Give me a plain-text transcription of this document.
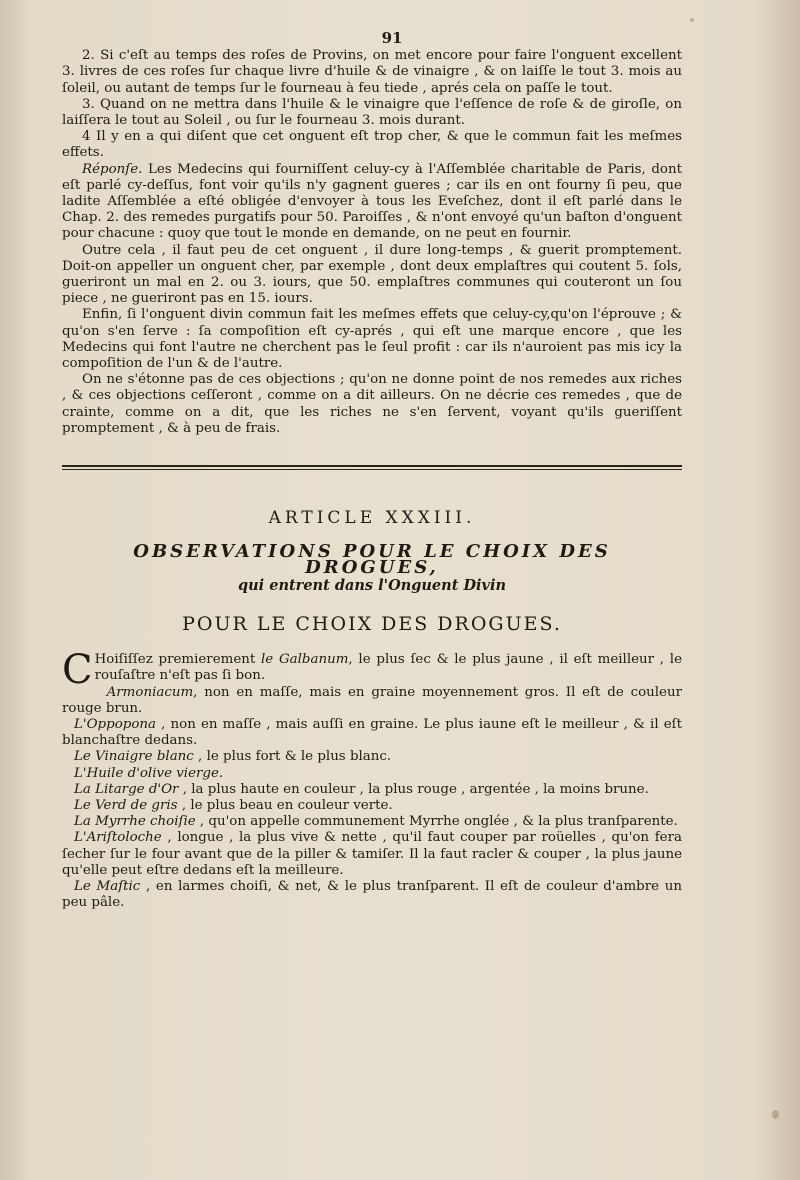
91

2. Si c'eſt au temps des roſes de Provins, on met encore pour faire l'onguent excellent 3. livres de ces roſes ſur chaque livre d'huile & de vinaigre , & on laiſſe le tout 3. mois au ſoleil, ou autant de temps ſur le fourneau à feu tiede , aprés cela on paſſe le tout.

3. Quand on ne mettra dans l'huile & le vinaigre que l'eſſence de roſe & de giroſle, on laiſſera le tout au Soleil , ou ſur le fourneau 3. mois durant.

4 Il y en a qui diſent que cet onguent eſt trop cher, & que le commun fait les meſmes effets.

Réponſe. Les Medecins qui fourniſſent celuy-cy à l'Aſſemblée charitable de Paris, dont eſt parlé cy-deſſus, font voir qu'ils n'y gagnent gueres ; car ils en ont fourny ſi peu, que ladite Aſſemblée a eſté obligée d'envoyer à tous les Eveſchez, dont il eſt parlé dans le Chap. 2. des remedes purgatifs pour 50. Paroiſſes , & n'ont envoyé qu'un baſton d'onguent pour chacune : quoy que tout le monde en demande, on ne peut en fournir.

Outre cela , il faut peu de cet onguent , il dure long-temps , & guerit promptement. Doit-on appeller un onguent cher, par exemple , dont deux emplaſtres qui coutent 5. ſols, gueriront un mal en 2. ou 3. iours, que 50. emplaſtres communes qui couteront un ſou piece , ne gueriront pas en 15. iours.

Enfin, ſi l'onguent divin commun fait les meſmes effets que celuy-cy,qu'on l'éprouve ; & qu'on s'en ſerve : ſa compoſition eſt cy-aprés , qui eſt une marque encore , que les Medecins qui font l'autre ne cherchent pas le ſeul profit : car ils n'auroient pas mis icy la compoſition de l'un & de l'autre.

On ne s'étonne pas de ces objections ; qu'on ne donne point de nos remedes aux riches , & ces objections ceſſeront , comme on a dit ailleurs. On ne décrie ces remedes , que de crainte, comme on a dit, que les riches ne s'en ſervent, voyant qu'ils gueriſſent promptement , & à peu de frais.

ARTICLE XXXIII.
OBSERVATIONS POUR LE CHOIX DES DROGUES,
qui entrent dans l'Onguent Divin
POUR LE CHOIX DES DROGUES.

C Hoiſiſſez premierement le Galbanum, le plus ſec & le plus jaune , il eſt meilleur , le rouſaſtre n'eſt pas ſi bon.

Armoniacum, non en maſſe, mais en graine moyennement gros. Il eſt de couleur rouge brun.

L'Oppopona , non en maſſe , mais auſſi en graine. Le plus iaune eſt le meilleur , & il eſt blanchaſtre dedans.

Le Vinaigre blanc , le plus fort & le plus blanc.

L'Huile d'olive vierge.

La Litarge d'Or , la plus haute en couleur , la plus rouge , argentée , la moins brune.

Le Verd de gris , le plus beau en couleur verte.

La Myrrhe choiſie , qu'on appelle communement Myrrhe onglée , & la plus tranſparente.

L'Ariſtoloche , longue , la plus vive & nette , qu'il faut couper par roüelles , qu'on fera ſecher ſur le four avant que de la piller & tamiſer. Il la faut racler & couper , la plus jaune qu'elle peut eſtre dedans eſt la meilleure.

Le Maſtic , en larmes choiſi, & net, & le plus tranſparent. Il eſt de couleur d'ambre un peu pâle.
